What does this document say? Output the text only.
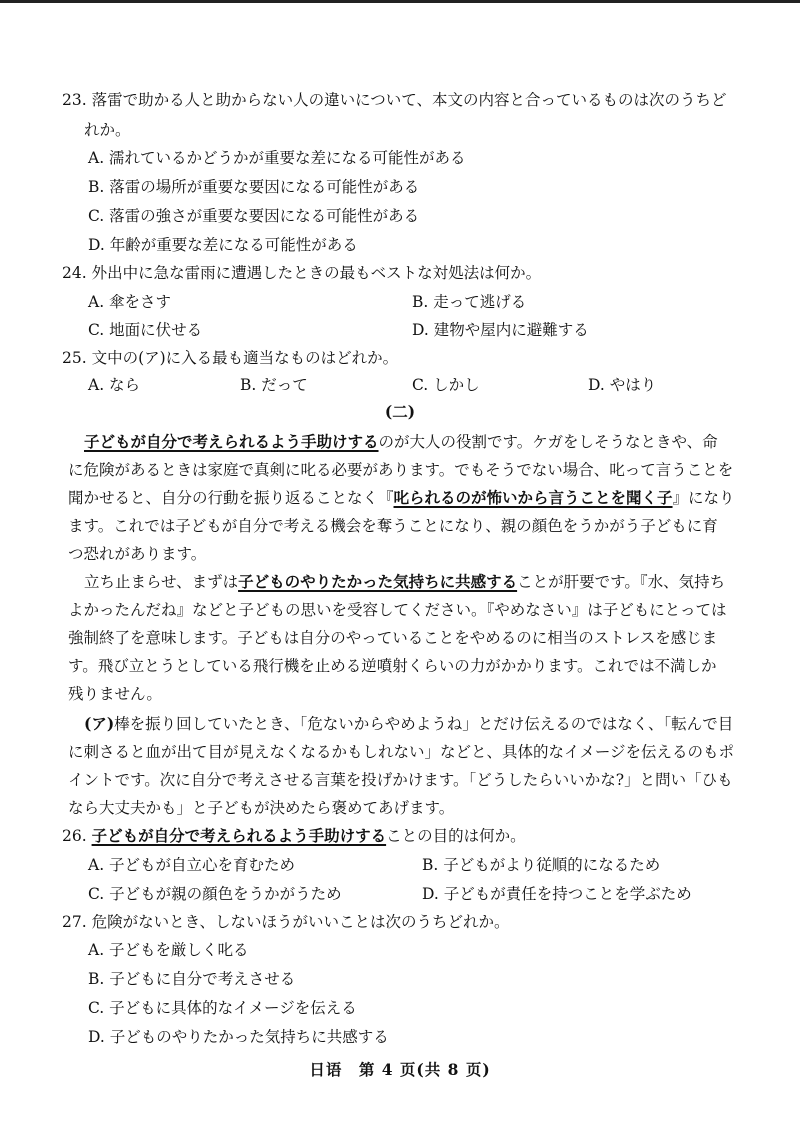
23. 落雷で助かる人と助からない人の違いについて、本文の内容と合っているものは次のうちど
れか。
A. 濡れているかどうかが重要な差になる可能性がある
B. 落雷の場所が重要な要因になる可能性がある
C. 落雷の強さが重要な要因になる可能性がある
D. 年齢が重要な差になる可能性がある
24. 外出中に急な雷雨に遭遇したときの最もベストな対処法は何か。
A. 傘をさす	B. 走って逃げる
C. 地面に伏せる	D. 建物や屋内に避難する
25. 文中の(ア)に入る最も適当なものはどれか。
A. なら	B. だって	C. しかし	D. やはり
(二)
子どもが自分で考えられるよう手助けするのが大人の役割です。ケガをしそうなときや、命
に危険があるときは家庭で真剣に叱る必要があります。でもそうでない場合、叱って言うことを
聞かせると、自分の行動を振り返ることなく『叱られるのが怖いから言うことを聞く子』になり
ます。これでは子どもが自分で考える機会を奪うことになり、親の顔色をうかがう子どもに育
つ恐れがあります。
立ち止まらせ、まずは子どものやりたかった気持ちに共感することが肝要です。『水、気持ち
よかったんだね』などと子どもの思いを受容してください。『やめなさい』は子どもにとっては
強制終了を意味します。子どもは自分のやっていることをやめるのに相当のストレスを感じま
す。飛び立とうとしている飛行機を止める逆噴射くらいの力がかかります。これでは不満しか
残りません。
(ア)棒を振り回していたとき、「危ないからやめようね」とだけ伝えるのではなく、「転んで目
に刺さると血が出て目が見えなくなるかもしれない」などと、具体的なイメージを伝えるのもポ
イントです。次に自分で考えさせる言葉を投げかけます。「どうしたらいいかな?」と問い「ひも
なら大丈夫かも」と子どもが決めたら褒めてあげます。
26. 子どもが自分で考えられるよう手助けすることの目的は何か。
A. 子どもが自立心を育むため	B. 子どもがより従順的になるため
C. 子どもが親の顔色をうかがうため	D. 子どもが責任を持つことを学ぶため
27. 危険がないとき、しないほうがいいことは次のうちどれか。
A. 子どもを厳しく叱る
B. 子どもに自分で考えさせる
C. 子どもに具体的なイメージを伝える
D. 子どものやりたかった気持ちに共感する
日语　第 4 页(共 8 页)
